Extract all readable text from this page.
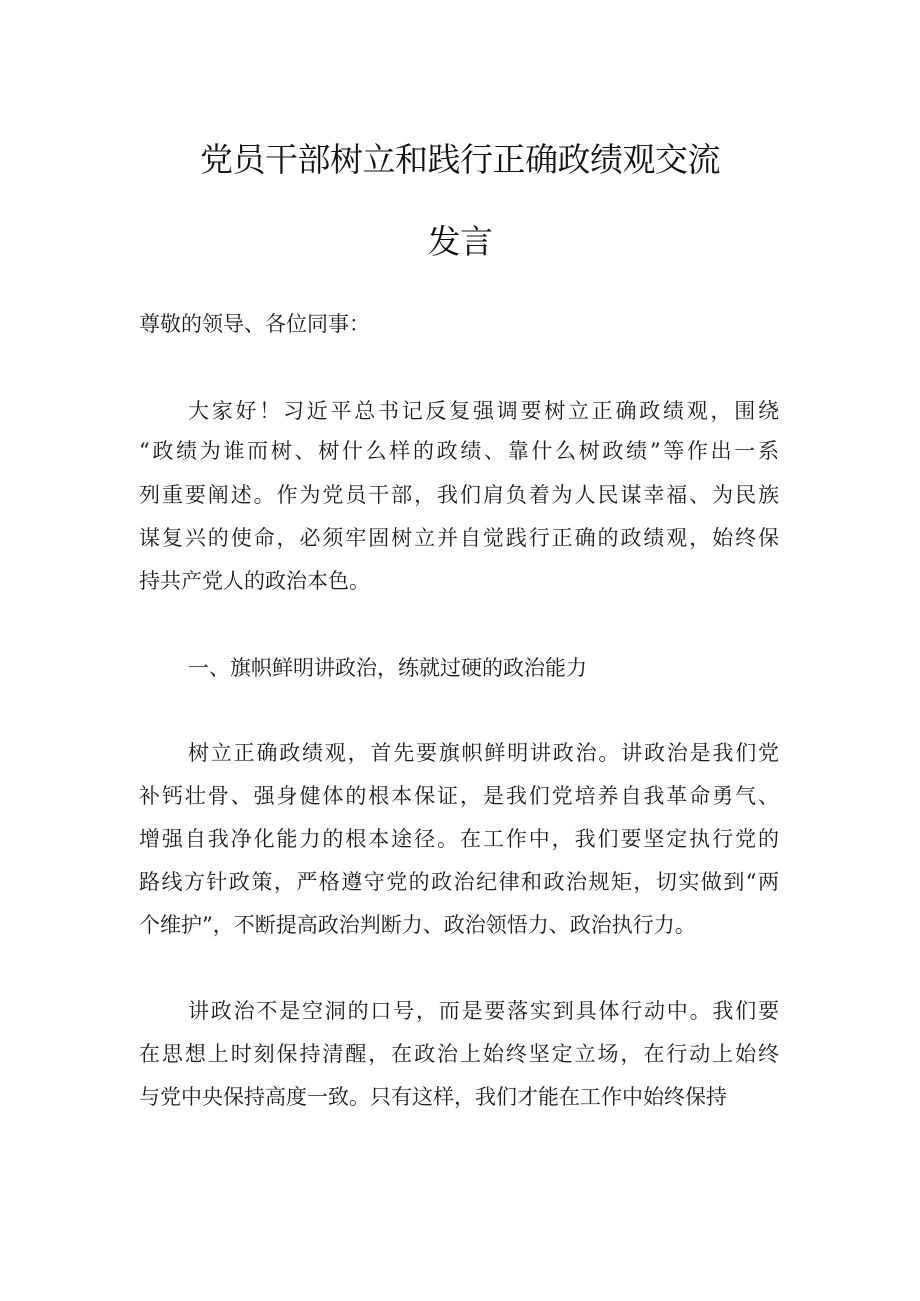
党员干部树立和践行正确政绩观交流
发言
尊敬的领导、各位同事：
大家好！习近平总书记反复强调要树立正确政绩观，围绕
“政绩为谁而树、树什么样的政绩、靠什么树政绩”等作出一系
列重要阐述。作为党员干部，我们肩负着为人民谋幸福、为民族
谋复兴的使命，必须牢固树立并自觉践行正确的政绩观，始终保
持共产党人的政治本色。
一、旗帜鲜明讲政治，练就过硬的政治能力
树立正确政绩观，首先要旗帜鲜明讲政治。讲政治是我们党
补钙壮骨、强身健体的根本保证，是我们党培养自我革命勇气、
增强自我净化能力的根本途径。在工作中，我们要坚定执行党的
路线方针政策，严格遵守党的政治纪律和政治规矩，切实做到“两
个维护”，不断提高政治判断力、政治领悟力、政治执行力。
讲政治不是空洞的口号，而是要落实到具体行动中。我们要
在思想上时刻保持清醒，在政治上始终坚定立场，在行动上始终
与党中央保持高度一致。只有这样，我们才能在工作中始终保持
